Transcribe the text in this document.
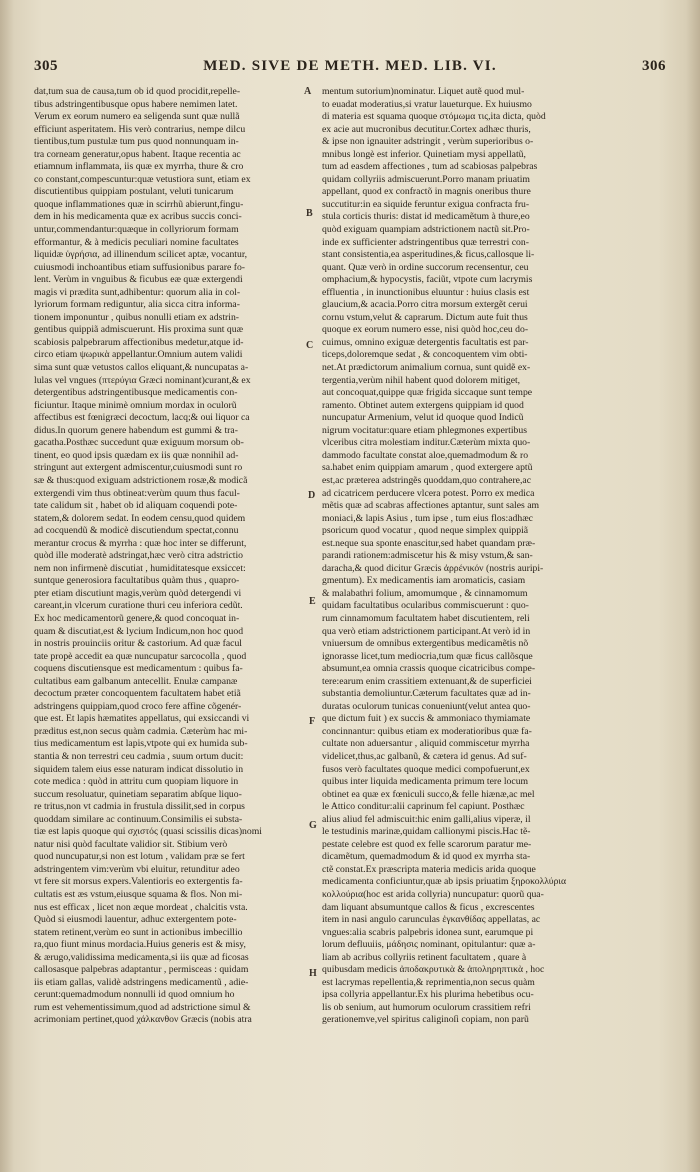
305	MED. SIVE DE METH. MED. LIB. VI.	306
dat,tum sua de causa,tum ob id quod procidit,repelle-
tibus adstringentibusque opus habere nemimen latet.
Verum ex eorum numero ea seligenda sunt quæ nullã
efficiunt asperitatem. His verò contrarius, nempe dilcu
tientibus,tum pustulæ tum pus quod nonnunquam in-
tra corneam generatur,opus habent. Itaque recentia ac
etiamnum inflammata, iis quæ ex myrrha, thure & cro
co constant,compescuntur:quæ vetustiora sunt, etiam ex
discutientibus quippiam postulant, veluti tunicarum
quoque inflammationes quæ in scirrhũ abierunt,fingu-
dem in his medicamenta quæ ex acribus succis conci-
untur,commendantur:quæque in collyriorum formam
efformantur, & à medicis peculiari nomine facultates
liquidæ ὑγρήσια, ad illinendum scilicet aptæ, vocantur,
cuiusmodi inchoantibus etiam suffusionibus parare fo-
lent. Verùm in vnguibus & ficubus eæ quæ extergendi
magis vi prædita sunt,adhibentur: quorum alia in col-
lyriorum formam rediguntur, alia sicca citra informa-
tionem imponuntur , quibus nonulli etiam ex adstrin-
gentibus quippiã admiscuerunt. His proxima sunt quæ
scabiosis palpebrarum affectionibus medetur,atque id-
circo etiam ψωρικὰ appellantur.Omnium autem validi
sima sunt quæ vetustos callos eliquant,& nuncupatas a-
lulas vel vngues (πτερύγια Græci nominant)curant,& ex
detergentibus adstringentibusque medicamentis con-
ficiuntur. Itaque minimè omnium mordax in oculorũ
affectibus est fœnigræci decoctum, lacq;& oui liquor ca
didus.In quorum genere habendum est gummi & tra-
gacatha.Posthæc succedunt quæ exiguum morsum ob-
tinent, eo quod ipsis quædam ex iis quæ nonnihil ad-
stringunt aut extergent admiscentur,cuiusmodi sunt ro
sæ & thus:quod exiguam adstrictionem rosæ,& modicã
extergendi vim thus obtineat:verùm quum thus facul-
tate calidum sit , habet ob id aliquam coquendi pote-
statem,& dolorem sedat. In eodem censu,quod quidem
ad cocquendũ & modicè discutiendum spectat,connu
merantur crocus & myrrha : quæ hoc inter se differunt,
quòd ille moderatè adstringat,hæc verò citra adstrictio
nem non infirmenè discutiat , humiditatesque exsiccet:
suntque generosiora facultatibus quàm thus , quapro-
pter etiam discutiunt magis,verùm quòd detergendi vi
careant,in vlcerum curatione thuri ceu inferiora cedũt.
Ex hoc medicamentorũ genere,& quod concoquat in-
quam & discutiat,est & lycium Indicum,non hoc quod
in nostris prouinciis oritur & castorium. Ad quæ facul
tate propè accedit ea quæ nuncupatur sarcocolla , quod
coquens discutiensque est medicamentum : quibus fa-
cultatibus eam galbanum antecellit. Enulæ campanæ
decoctum præter concoquentem facultatem habet etiã
adstringens quippiam,quod croco fere affine cõgenér-
que est. Et lapis hæmatites appellatus, qui exsiccandi vi
præditus est,non secus quàm cadmia. Cæterùm hac mi-
tius medicamentum est lapis,vtpote qui ex humida sub-
stantia & non terrestri ceu cadmia , suum ortum ducit:
siquidem talem eius esse naturam indicat dissolutio in
cote medica : quòd in attritu cum quopiam liquore in
succum resoluatur, quinetiam separatim abſque liquo-
re tritus,non vt cadmia in frustula dissilit,sed in corpus
quoddam similare ac continuum.Consimilis ei substa-
tiæ est lapis quoque qui σχιστός (quasi scissilis dicas)nomi
natur nisi quòd facultate validior sit. Stibium verò
quod nuncupatur,si non est lotum , validam præ se fert
adstringentem vim:verùm vbi eluitur, retunditur adeo
vt fere sit morsus expers.Valentioris eo extergentis fa-
cultatis est æs vstum,eiusque squama & flos. Non mi-
nus est efficax , licet non æque mordeat , chalcitis vsta.
Quòd si eiusmodi lauentur, adhuc extergentem pote-
statem retinent,verùm eo sunt in actionibus imbecillio
ra,quo fiunt minus mordacia.Huius generis est & misy,
& ærugo,validissima medicamenta,si iis quæ ad ficosas
callosasque palpebras adaptantur , permisceas : quidam
iis etiam gallas, validè adstringens medicamentũ , adie-
cerunt:quemadmodum nonnulli id quod omnium ho
rum est vehementissimum,quod ad adstrictione simul &
acrimoniam pertinet,quod χάλκανθον Græcis (nobis atra
mentum sutorium)nominatur. Liquet autẽ quod mul-
to euadat moderatius,si vratur laueturque. Ex huiusmo
di materia est squama quoque στόμωμα τις,ita dicta, quòd
ex acie aut mucronibus decutitur.Cortex adhæc thuris,
& ipse non ignauiter adstringit , verùm superioribus o-
mnibus longè est inferior. Quinetiam mysi appellatũ,
tum ad easdem affectiones , tum ad scabiosas palpebras
quidam collyriis admiscuerunt.Porro manam priuatim
appellant, quod ex confractõ in magnis oneribus thure
succutitur:in ea siquide feruntur exigua confracta fru-
stula corticis thuris: distat id medicamẽtum à thure,eo
quòd exiguam quampiam adstrictionem nactũ sit.Pro-
inde ex sufficienter adstringentibus quæ terrestri con-
stant consistentia,ea asperitudines,& ficus,callosque li-
quant. Quæ verò in ordine succorum recensentur, ceu
omphacium,& hypocystis, faciũt, vtpote cum lacrymis
effluentia , in inunctionibus eluuntur : huius clasis est
glaucium,& acacia.Porro citra morsum extergẽt cerui
cornu vstum,velut & caprarum. Dictum aute fuit thus
quoque ex eorum numero esse, nisi quòd hoc,ceu do-
cuimus, omnino exiguæ detergentis facultatis est par-
ticeps,doloremque sedat , & concoquentem vim obti-
net.At prædictorum animalium cornua, sunt quidẽ ex-
tergentia,verùm nihil habent quod dolorem mitiget,
aut concoquat,quippe quæ frigida siccaque sunt tempe
ramento. Obtinet autem extergens quippiam id quod
nuncupatur Armenium, velut id quoque quod Indicũ
nigrum vocitatur:quare etiam phlegmones expertibus
vlceribus citra molestiam inditur.Cæterùm mixta quo-
dammodo facultate constat aloe,quemadmodum & ro
sa.habet enim quippiam amarum , quod extergere aptũ
est,ac præterea adstringẽs quoddam,quo contrahere,ac
ad cicatricem perducere vlcera potest. Porro ex medica
mẽtis quæ ad scabras affectiones aptantur, sunt sales am
moniaci,& lapis Asius , tum ipse , tum eius flos:adhæc
psoricum quod vocatur , quod neque simplex quippiã
est.neque sua sponte enascitur,sed habet quandam præ-
parandi rationem:admiscetur his & misy vstum,& san-
daracha,& quod dicitur Græcis ἀρρένικόν (nostris auripi-
gmentum). Ex medicamentis iam aromaticis, casiam
& malabathri folium, amomumque , & cinnamomum
quidam facultatibus ocularibus commiscuerunt : quo-
rum cinnamomum facultatem habet discutientem, reli
qua verò etiam adstrictionem participant.At verò id in
vniuersum de omnibus extergentibus medicamẽtis nõ
ignorasse licet,tum mediocria,tum quæ ficus callõsque
absumunt,ea omnia crassis quoque cicatricibus compe-
tere:earum enim crassitiem extenuant,& de superficiei
substantia demoliuntur.Cæterum facultates quæ ad in-
duratas oculorum tunicas conueniunt(velut antea quo-
que dictum fuit ) ex succis & ammoniaco thymiamate
concinnantur: quibus etiam ex moderatioribus quæ fa-
cultate non aduersantur , aliquid commiscetur myrrha
videlicet,thus,ac galbanũ, & cætera id genus. Ad suf-
fusos verò facultates quoque medici compofuerunt,ex
quibus inter liquida medicamenta primum tere locum
obtinet ea quæ ex fœniculi succo,& felle hiænæ,ac mel
le Attico conditur:alii caprinum fel capiunt. Posthæc
alius aliud fel admiscuit:hic enim galli,alius viperæ, il
le testudinis marinæ,quidam callionymi piscis.Hac tẽ-
pestate celebre est quod ex felle scarorum paratur me-
dicamẽtum, quemadmodum & id quod ex myrrha sta-
ctẽ constat.Ex præscripta materia medicis arida quoque
medicamenta conficiuntur,quæ ab ipsis priuatim ξηροκολλύρια
κολλούρια(hoc est arida collyria) nuncupatur: quorũ qua-
dam liquant absumuntque callos & ficus , excrescentes
item in nasi angulo carunculas ἐγκανθίδας appellatas, ac
vngues:alia scabris palpebris idonea sunt, earumque pi
lorum defluuiis, μάδησις nominant, opitulantur: quæ a-
liam ab acribus collyriis retinent facultatem , quare à
quibusdam medicis ἀποδακρυτικὰ & ἀποληρηπτικὰ , hoc
est lacrymas repellentia,& reprimentia,non secus quàm
ipsa collyria appellantur.Ex his plurima hebetibus ocu-
lis ob senium, aut humorum oculorum crassitiem refri
gerationemve,vel spiritus caliginoſi copiam, non parũ
A
B
C
D
E
F
G
H
